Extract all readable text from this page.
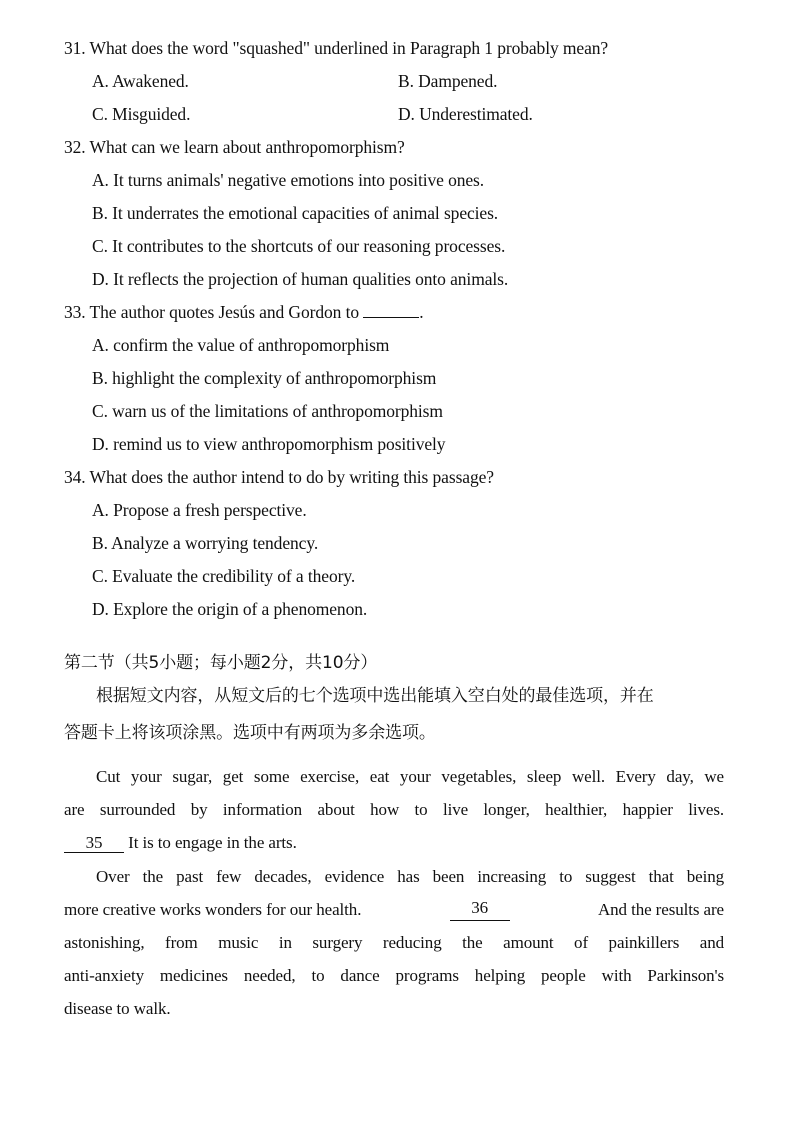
31. What does the word "squashed" underlined in Paragraph 1 probably mean?
A. Awakened.	B. Dampened.
C. Misguided.	D. Underestimated.
32. What can we learn about anthropomorphism?
A. It turns animals' negative emotions into positive ones.
B. It underrates the emotional capacities of animal species.
C. It contributes to the shortcuts of our reasoning processes.
D. It reflects the projection of human qualities onto animals.
33. The author quotes Jesús and Gordon to	.
A. confirm the value of anthropomorphism
B. highlight the complexity of anthropomorphism
C. warn us of the limitations of anthropomorphism
D. remind us to view anthropomorphism positively
34. What does the author intend to do by writing this passage?
A. Propose a fresh perspective.
B. Analyze a worrying tendency.
C. Evaluate the credibility of a theory.
D. Explore the origin of a phenomenon.
第二节（共5小题；每小题2分，共10分）
根据短文内容，从短文后的七个选项中选出能填入空白处的最佳选项，并在
答题卡上将该项涂黑。选项中有两项为多余选项。
Cut your sugar, get some exercise, eat your vegetables, sleep well. Every day, we
are surrounded by information about how to live longer, healthier, happier lives.
35 It is to engage in the arts.
Over the past few decades, evidence has been increasing to suggest that being
more creative works wonders for our health.	36	And the results are
astonishing, from music in surgery reducing the amount of painkillers and
anti-anxiety medicines needed, to dance programs helping people with Parkinson's
disease to walk.
